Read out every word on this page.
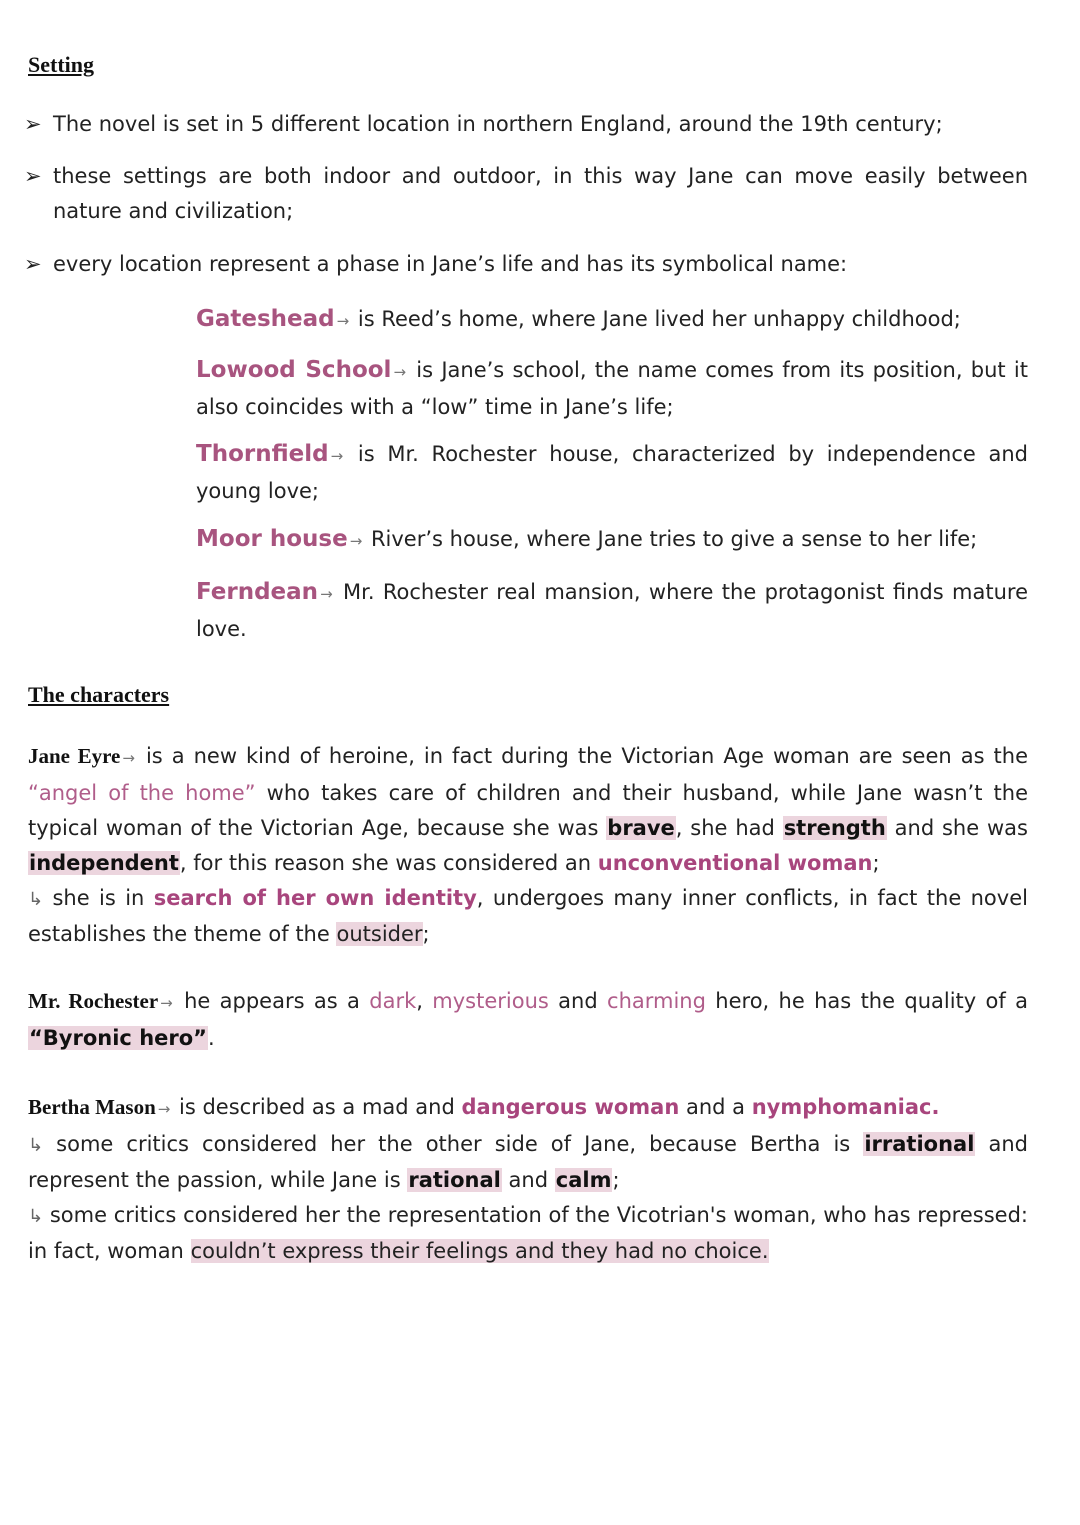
Setting
➢ The novel is set in 5 different location in northern England, around the 19th century;
➢ these settings are both indoor and outdoor, in this way Jane can move easily between nature and civilization;
➢ every location represent a phase in Jane’s life and has its symbolical name:
Gateshead → is Reed’s home, where Jane lived her unhappy childhood;
Lowood School → is Jane’s school, the name comes from its position, but it also coincides with a “low” time in Jane’s life;
Thornfield → is Mr. Rochester house, characterized by independence and young love;
Moor house → River’s house, where Jane tries to give a sense to her life;
Ferndean → Mr. Rochester real mansion, where the protagonist finds mature love.
The characters

Jane Eyre → is a new kind of heroine, in fact during the Victorian Age woman are seen as the “angel of the home” who takes care of children and their husband, while Jane wasn’t the typical woman of the Victorian Age, because she was brave, she had strength and she was independent, for this reason she was considered an unconventional woman;
↳ she is in search of her own identity, undergoes many inner conflicts, in fact the novel establishes the theme of the outsider;

Mr. Rochester → he appears as a dark, mysterious and charming hero, he has the quality of a “Byronic hero”.

Bertha Mason → is described as a mad and dangerous woman and a nymphomaniac.
↳ some critics considered her the other side of Jane, because Bertha is irrational and represent the passion, while Jane is rational and calm;
↳ some critics considered her the representation of the Vicotrian's woman, who has repressed: in fact, woman couldn’t express their feelings and they had no choice.
